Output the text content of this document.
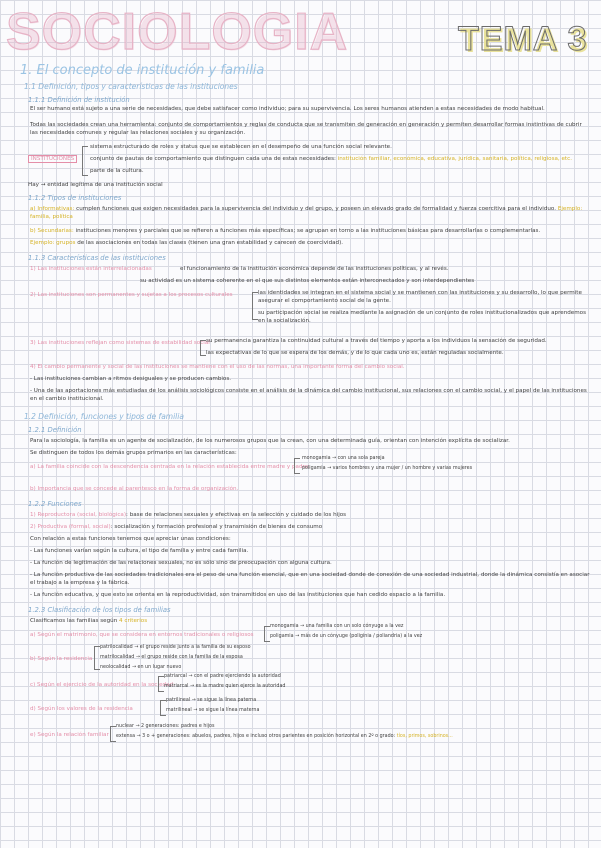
SOCIOLOGIA	TEMA 3
1. El concepto de institución y familia
1.1 Definición, tipos y características de las instituciones
1.1.1 Definición de institución
El ser humano está sujeto a una serie de necesidades, que debe satisfacer como individuo; para su supervivencia. Los seres humanos atienden a estas necesidades de modo habitual.
Todas las sociedades crean una herramienta: conjunto de comportamientos y reglas de conducta que se transmiten de generación en generación y permiten desarrollar formas instintivas de cubrir las necesidades comunes y regular las relaciones sociales y su organización.
INSTITUCIONES
sistema estructurado de roles y status que se establecen en el desempeño de una función social relevante.
conjunto de pautas de comportamiento que distinguen cada una de estas necesidades: institución familiar, económica, educativa, jurídica, sanitaria, política, religiosa, etc.
parte de la cultura.
Hay → entidad legítima de una institución social
1.1.2 Tipos de instituciones
a) Informativas: cumplen funciones que exigen necesidades para la supervivencia del individuo y del grupo, y poseen un elevado grado de formalidad y fuerza coercitiva para el individuo. Ejemplo: familia, política
b) Secundarias: instituciones menores y parciales que se refieren a funciones más específicas; se agrupan en torno a las instituciones básicas para desarrollarlas o complementarlas.
Ejemplo: grupos de las asociaciones en todas las clases (tienen una gran estabilidad y carecen de coercividad).
1.1.3 Características de las instituciones
1) Las instituciones están interrelacionadas	el funcionamiento de la institución económica depende de las instituciones políticas, y al revés.
su actividad es un sistema coherente en el que sus distintos elementos están interconectados y son interdependientes
2) Las instituciones son permanentes y sujetas a los procesos culturales	las identidades se integran en el sistema social y se mantienen con las instituciones y su desarrollo, lo que permite asegurar el comportamiento social de la gente.
su participación social se realiza mediante la asignación de un conjunto de roles institucionalizados que aprendemos en la socialización.
3) Las instituciones reflejan como sistemas de estabilidad social
su permanencia garantiza la continuidad cultural a través del tiempo y aporta a los individuos la sensación de seguridad.
las expectativas de lo que se espera de los demás, y de lo que cada uno es, están reguladas socialmente.
4) El cambio permanente y social de las instituciones se mantiene con el uso de las normas, una importante forma del cambio social.
- Las instituciones cambian a ritmos desiguales y se producen cambios.
- Una de las aportaciones más estudiadas de los análisis sociológicos consiste en el análisis de la dinámica del cambio institucional, sus relaciones con el cambio social, y el papel de las instituciones en el cambio institucional.
1.2 Definición, funciones y tipos de familia
1.2.1 Definición
Para la sociología, la familia es un agente de socialización, de los numerosos grupos que la crean, con una determinada guía, orientan con intención explícita de socializar.
Se distinguen de todos los demás grupos primarios en las características:
a) La familia coincide con la descendencia centrada en la relación establecida entre madre y padre:
monogamia → con una sola pareja
poligamia → varios hombres y una mujer / un hombre y varias mujeres
b) Importancia que se concede al parentesco en la forma de organización.
1.2.2 Funciones
1) Reproductora (social, biológica): base de relaciones sexuales y efectivas en la selección y cuidado de los hijos
2) Productiva (formal, social): socialización y formación profesional y transmisión de bienes de consumo
Con relación a estas funciones tenemos que apreciar unas condiciones:
- Las funciones varían según la cultura, el tipo de familia y entre cada familia.
- La función de legitimación de las relaciones sexuales, no es sólo sino de preocupación con alguna cultura.
- La función productiva de las sociedades tradicionales era el peso de una función esencial, que en una sociedad donde de conexión de una sociedad industrial, donde la dinámica consistía en asociar el trabajo a la empresa y la fábrica.
- La función educativa, y que esto se orienta en la reproductividad, son transmitidos en uso de las instituciones que han cedido espacio a la familia.
1.2.3 Clasificación de los tipos de familias
Clasificamos las familias según 4 criterios
a) Según el matrimonio, que se considera en entornos tradicionales o religiosos
monogamia → una familia con un solo cónyuge a la vez
poligamia → más de un cónyuge (poliginia / poliandria) a la vez
b) Según la residencia
patrilocalidad → el grupo reside junto a la familia de su esposo
matrilocalidad → el grupo reside con la familia de la esposa
neolocalidad → en un lugar nuevo
c) Según el ejercicio de la autoridad en la sociedad:
patriarcal → con el padre ejerciendo la autoridad
matriarcal → es la madre quien ejerce la autoridad
d) Según los valores de la residencia
patrilineal → se sigue la línea paterna
matrilineal → se sigue la línea materna
e) Según la relación familiar
nuclear → 2 generaciones: padres e hijos
extensa → 3 o + generaciones: abuelos, padres, hijos e incluso otros parientes en posición horizontal en 2º o grado: tíos, primos, sobrinos...
